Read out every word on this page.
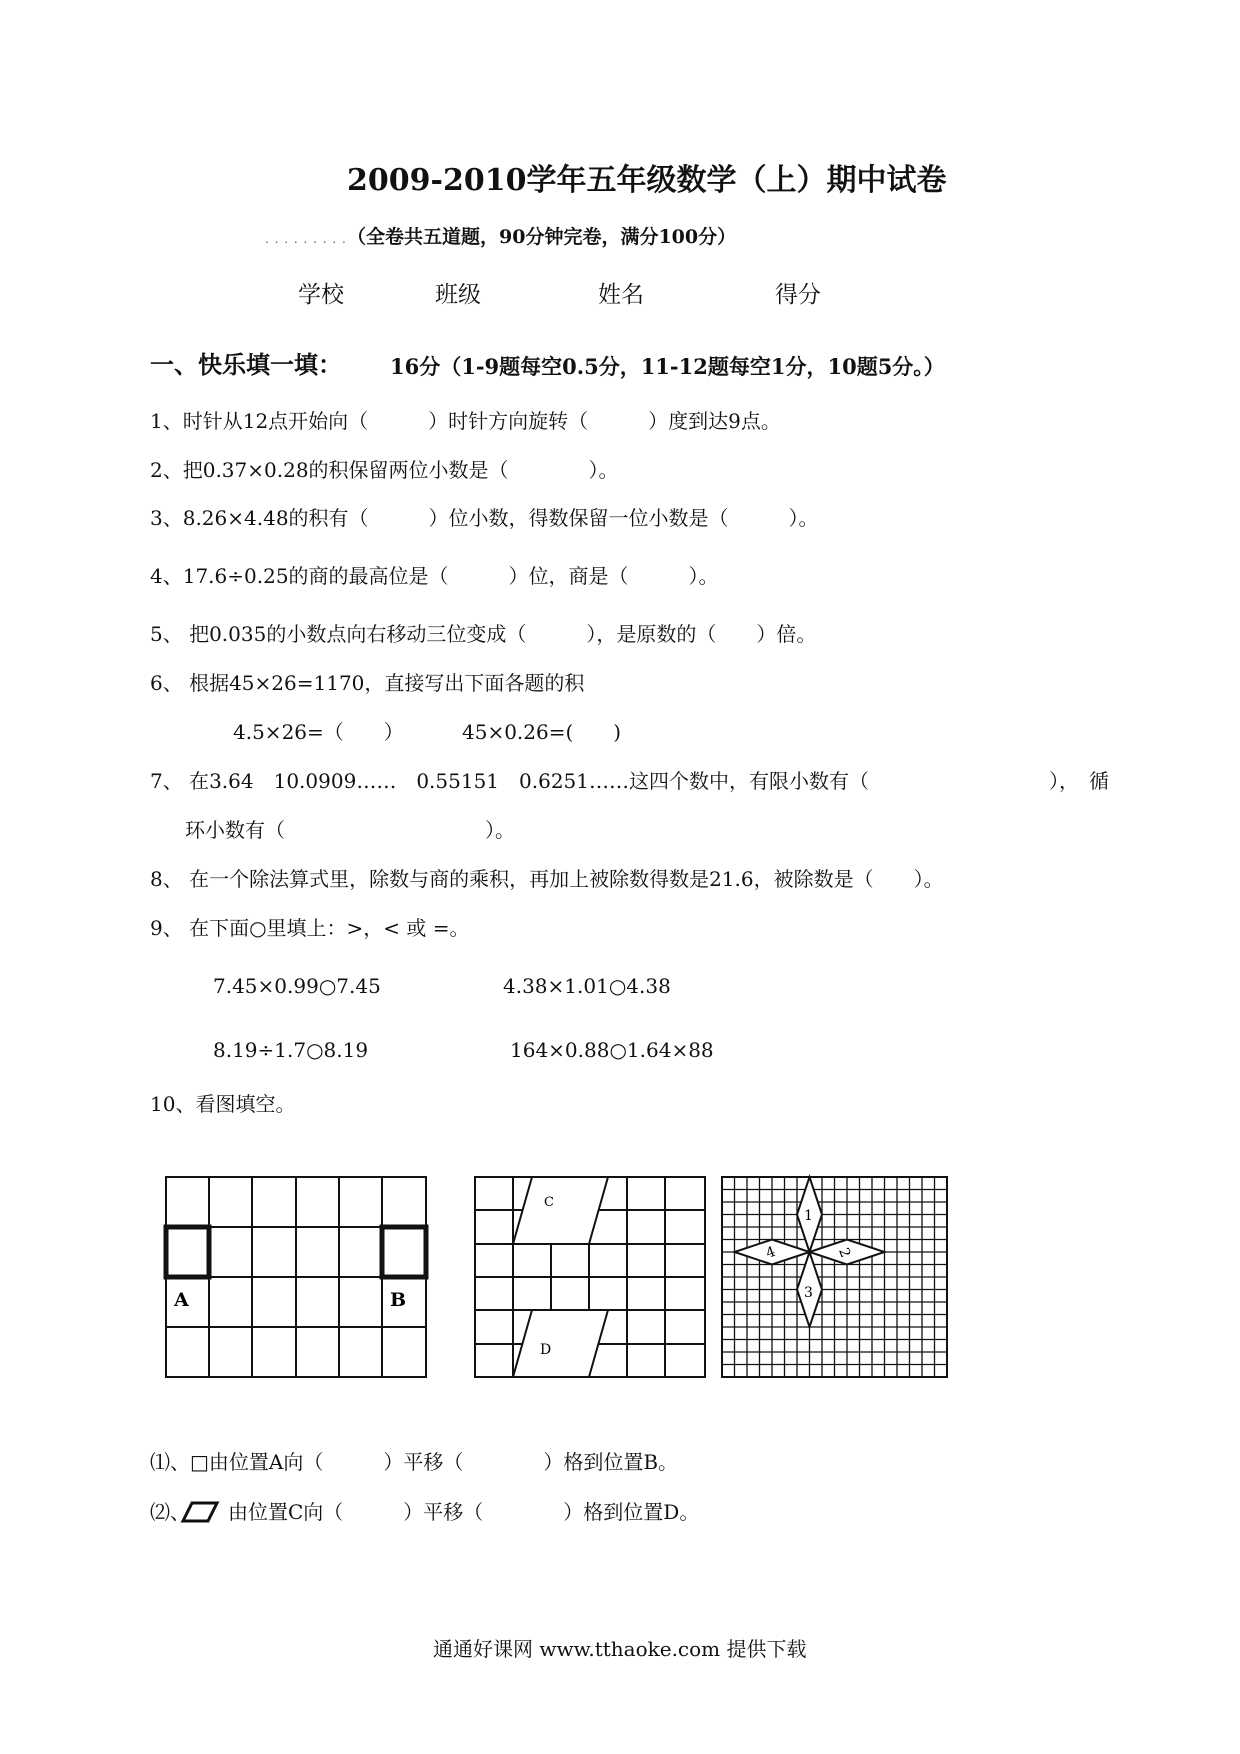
2009-2010学年五年级数学（上）期中试卷
. . . . . . . . . （全卷共五道题，90分钟完卷，满分100分）
学校	班级	姓名	得分
一、快乐填一填： 16分（1-9题每空0.5分，11-12题每空1分，10题5分。）
1、时针从12点开始向（　　　）时针方向旋转（　　　）度到达9点。
2、把0.37×0.28的积保留两位小数是（　　　　）。
3、8.26×4.48的积有（　　　）位小数，得数保留一位小数是（　　　）。
4、17.6÷0.25的商的最高位是（　　　）位，商是（　　　）。
5、 把0.035的小数点向右移动三位变成（　　　），是原数的（　　）倍。
6、 根据45×26=1170，直接写出下面各题的积
4.5×26=（　　）	45×0.26=(　　)
7、 在3.64　10.0909……　0.55151　0.6251……这四个数中，有限小数有（　　　　　　　　　），　循
环小数有（　　　　　　　　　　）。
8、 在一个除法算式里，除数与商的乘积，再加上被除数得数是21.6，被除数是（　　）。
9、 在下面○里填上：>，< 或 =。
7.45×0.99○7.45	4.38×1.01○4.38
8.19÷1.7○8.19	164×0.88○1.64×88
10、看图填空。
A	B
C
D
1
2
3
4
⑴、□由位置A向（　　　）平移（　　　　）格到位置B。
⑵、 由位置C向（　　　）平移（　　　　）格到位置D。
通通好课网 www.tthaoke.com 提供下载
